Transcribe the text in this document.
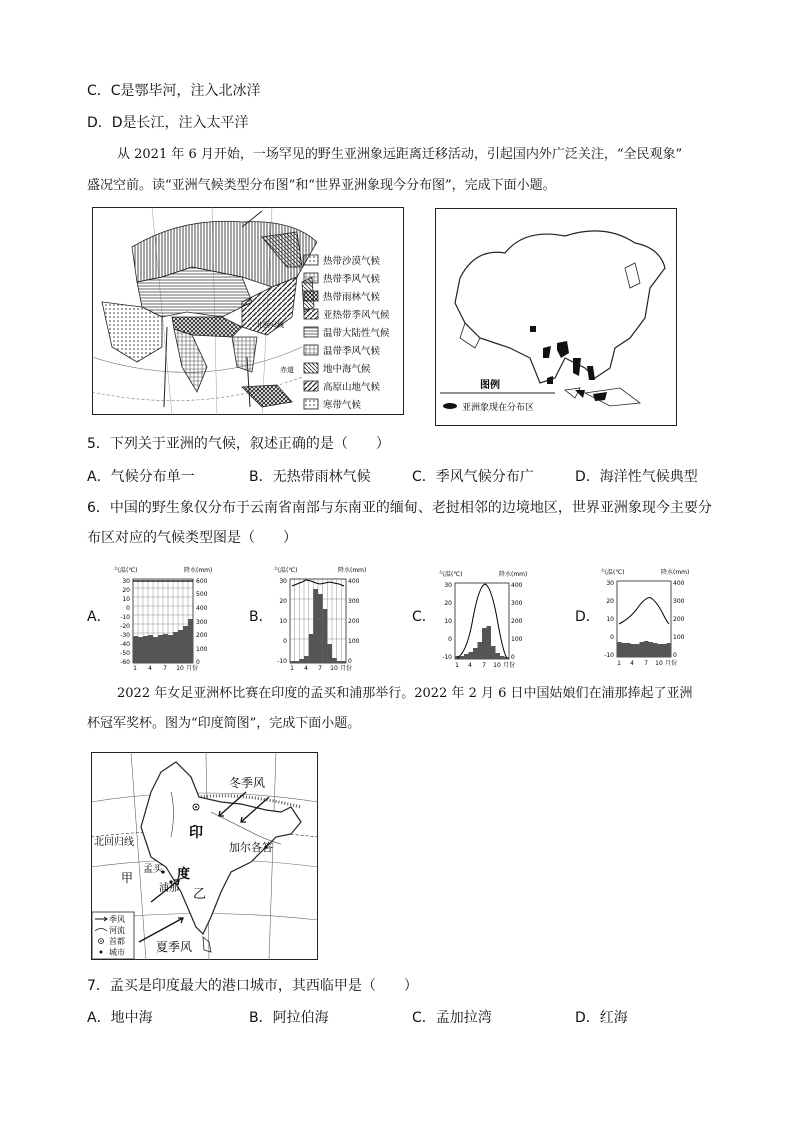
C．C是鄂毕河，注入北冰洋
D．D是长江，注入太平洋
从 2021 年 6 月开始，一场罕见的野生亚洲象远距离迁移活动，引起国内外广泛关注，“全民观象”
盛况空前。读“亚洲气候类型分布图”和“世界亚洲象现今分布图”，完成下面小题。
北回归线
赤道
热带沙漠气候
热带季风气候
热带雨林气候
亚热带季风气候
温带大陆性气候
温带季风气候
地中海气候
高原山地气候
寒带气候
图例
亚洲象现在分布区
5．下列关于亚洲的气候，叙述正确的是（　　）
A．气候分布单一	B．无热带雨林气候	C．季风气候分布广	D．海洋性气候典型
6．中国的野生象仅分布于云南省南部与东南亚的缅甸、老挝相邻的边境地区，世界亚洲象现今主要分
布区对应的气候类型图是（　　）
A．	B．	C．	D．
气温(℃)	降水(mm)
30
20
10
0
-10
-20
-30
-40
-50
-60
600
500
400
300
200
100
0
1 4 7 10 月份
气温(℃)	降水(mm)
30
20
10
0
-10
400
300
200
100
0
1 4 7 10 月份
气温(℃)	降水(mm)
30
20
10
0
-10
400
300
200
100
0
1 4 7 10 月份
气温(℃)	降水(mm)
30
20
10
0
-10
400
300
200
100
0
1 4 7 10 月份
2022 年女足亚洲杯比赛在印度的孟买和浦那举行。2022 年 2 月 6 日中国姑娘们在浦那捧起了亚洲
杯冠军奖杯。图为“印度简图”，完成下面小题。
冬季风
印
北回归线	加尔各答
孟买 度
甲
浦那 乙
夏季风
季风
河流
首都
城市
7．孟买是印度最大的港口城市，其西临甲是（　　）
A．地中海	B．阿拉伯海	C．孟加拉湾	D．红海
